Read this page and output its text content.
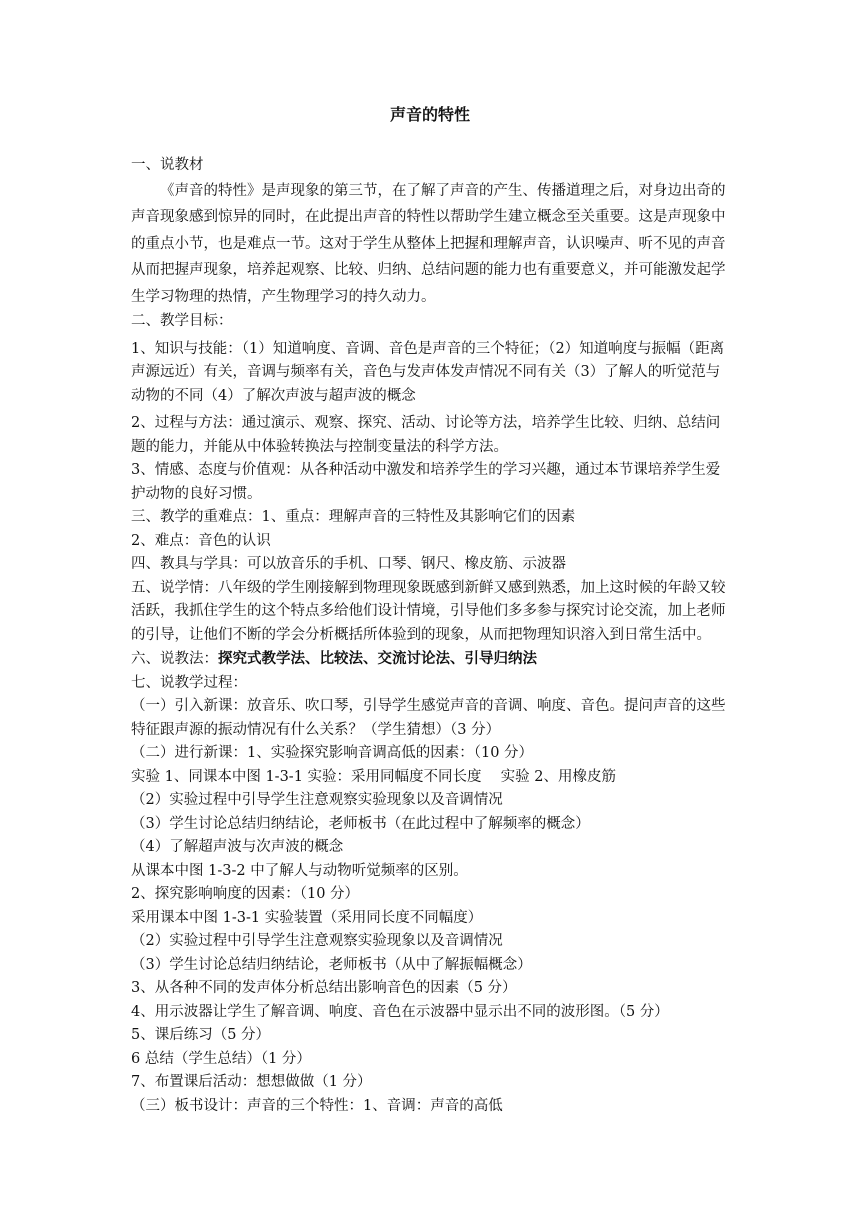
声音的特性

一、说教材

《声音的特性》是声现象的第三节，在了解了声音的产生、传播道理之后，对身边出奇的声音现象感到惊异的同时，在此提出声音的特性以帮助学生建立概念至关重要。这是声现象中的重点小节，也是难点一节。这对于学生从整体上把握和理解声音，认识噪声、听不见的声音从而把握声现象，培养起观察、比较、归纳、总结问题的能力也有重要意义，并可能激发起学生学习物理的热情，产生物理学习的持久动力。

二、教学目标：

1、知识与技能：（1）知道响度、音调、音色是声音的三个特征；（2）知道响度与振幅（距离声源远近）有关，音调与频率有关，音色与发声体发声情况不同有关（3）了解人的听觉范与动物的不同（4）了解次声波与超声波的概念

2、过程与方法：通过演示、观察、探究、活动、讨论等方法，培养学生比较、归纳、总结问题的能力，并能从中体验转换法与控制变量法的科学方法。

3、情感、态度与价值观：从各种活动中激发和培养学生的学习兴趣，通过本节课培养学生爱护动物的良好习惯。

三、教学的重难点：1、重点：理解声音的三特性及其影响它们的因素

2、难点：音色的认识

四、教具与学具：可以放音乐的手机、口琴、钢尺、橡皮筋、示波器

五、说学情：八年级的学生刚接解到物理现象既感到新鲜又感到熟悉，加上这时候的年龄又较活跃，我抓住学生的这个特点多给他们设计情境，引导他们多多参与探究讨论交流，加上老师的引导，让他们不断的学会分析概括所体验到的现象，从而把物理知识溶入到日常生活中。

六、说教法：探究式教学法、比较法、交流讨论法、引导归纳法

七、说教学过程：

（一）引入新课：放音乐、吹口琴，引导学生感觉声音的音调、响度、音色。提问声音的这些特征跟声源的振动情况有什么关系？（学生猜想）（3 分）

（二）进行新课：1、实验探究影响音调高低的因素：（10 分）

实验 1、同课本中图 1-3-1 实验：采用同幅度不同长度　 实验 2、用橡皮筋

（2）实验过程中引导学生注意观察实验现象以及音调情况

（3）学生讨论总结归纳结论，老师板书（在此过程中了解频率的概念）

（4）了解超声波与次声波的概念

从课本中图 1-3-2 中了解人与动物听觉频率的区别。

2、探究影响响度的因素：（10 分）

采用课本中图 1-3-1 实验装置（采用同长度不同幅度）

（2）实验过程中引导学生注意观察实验现象以及音调情况

（3）学生讨论总结归纳结论，老师板书（从中了解振幅概念）

3、从各种不同的发声体分析总结出影响音色的因素（5 分）

4、用示波器让学生了解音调、响度、音色在示波器中显示出不同的波形图。（5 分）

5、课后练习（5 分）

6 总结（学生总结）（1 分）

7、布置课后活动：想想做做（1 分）

（三）板书设计：声音的三个特性：1、音调：声音的高低
